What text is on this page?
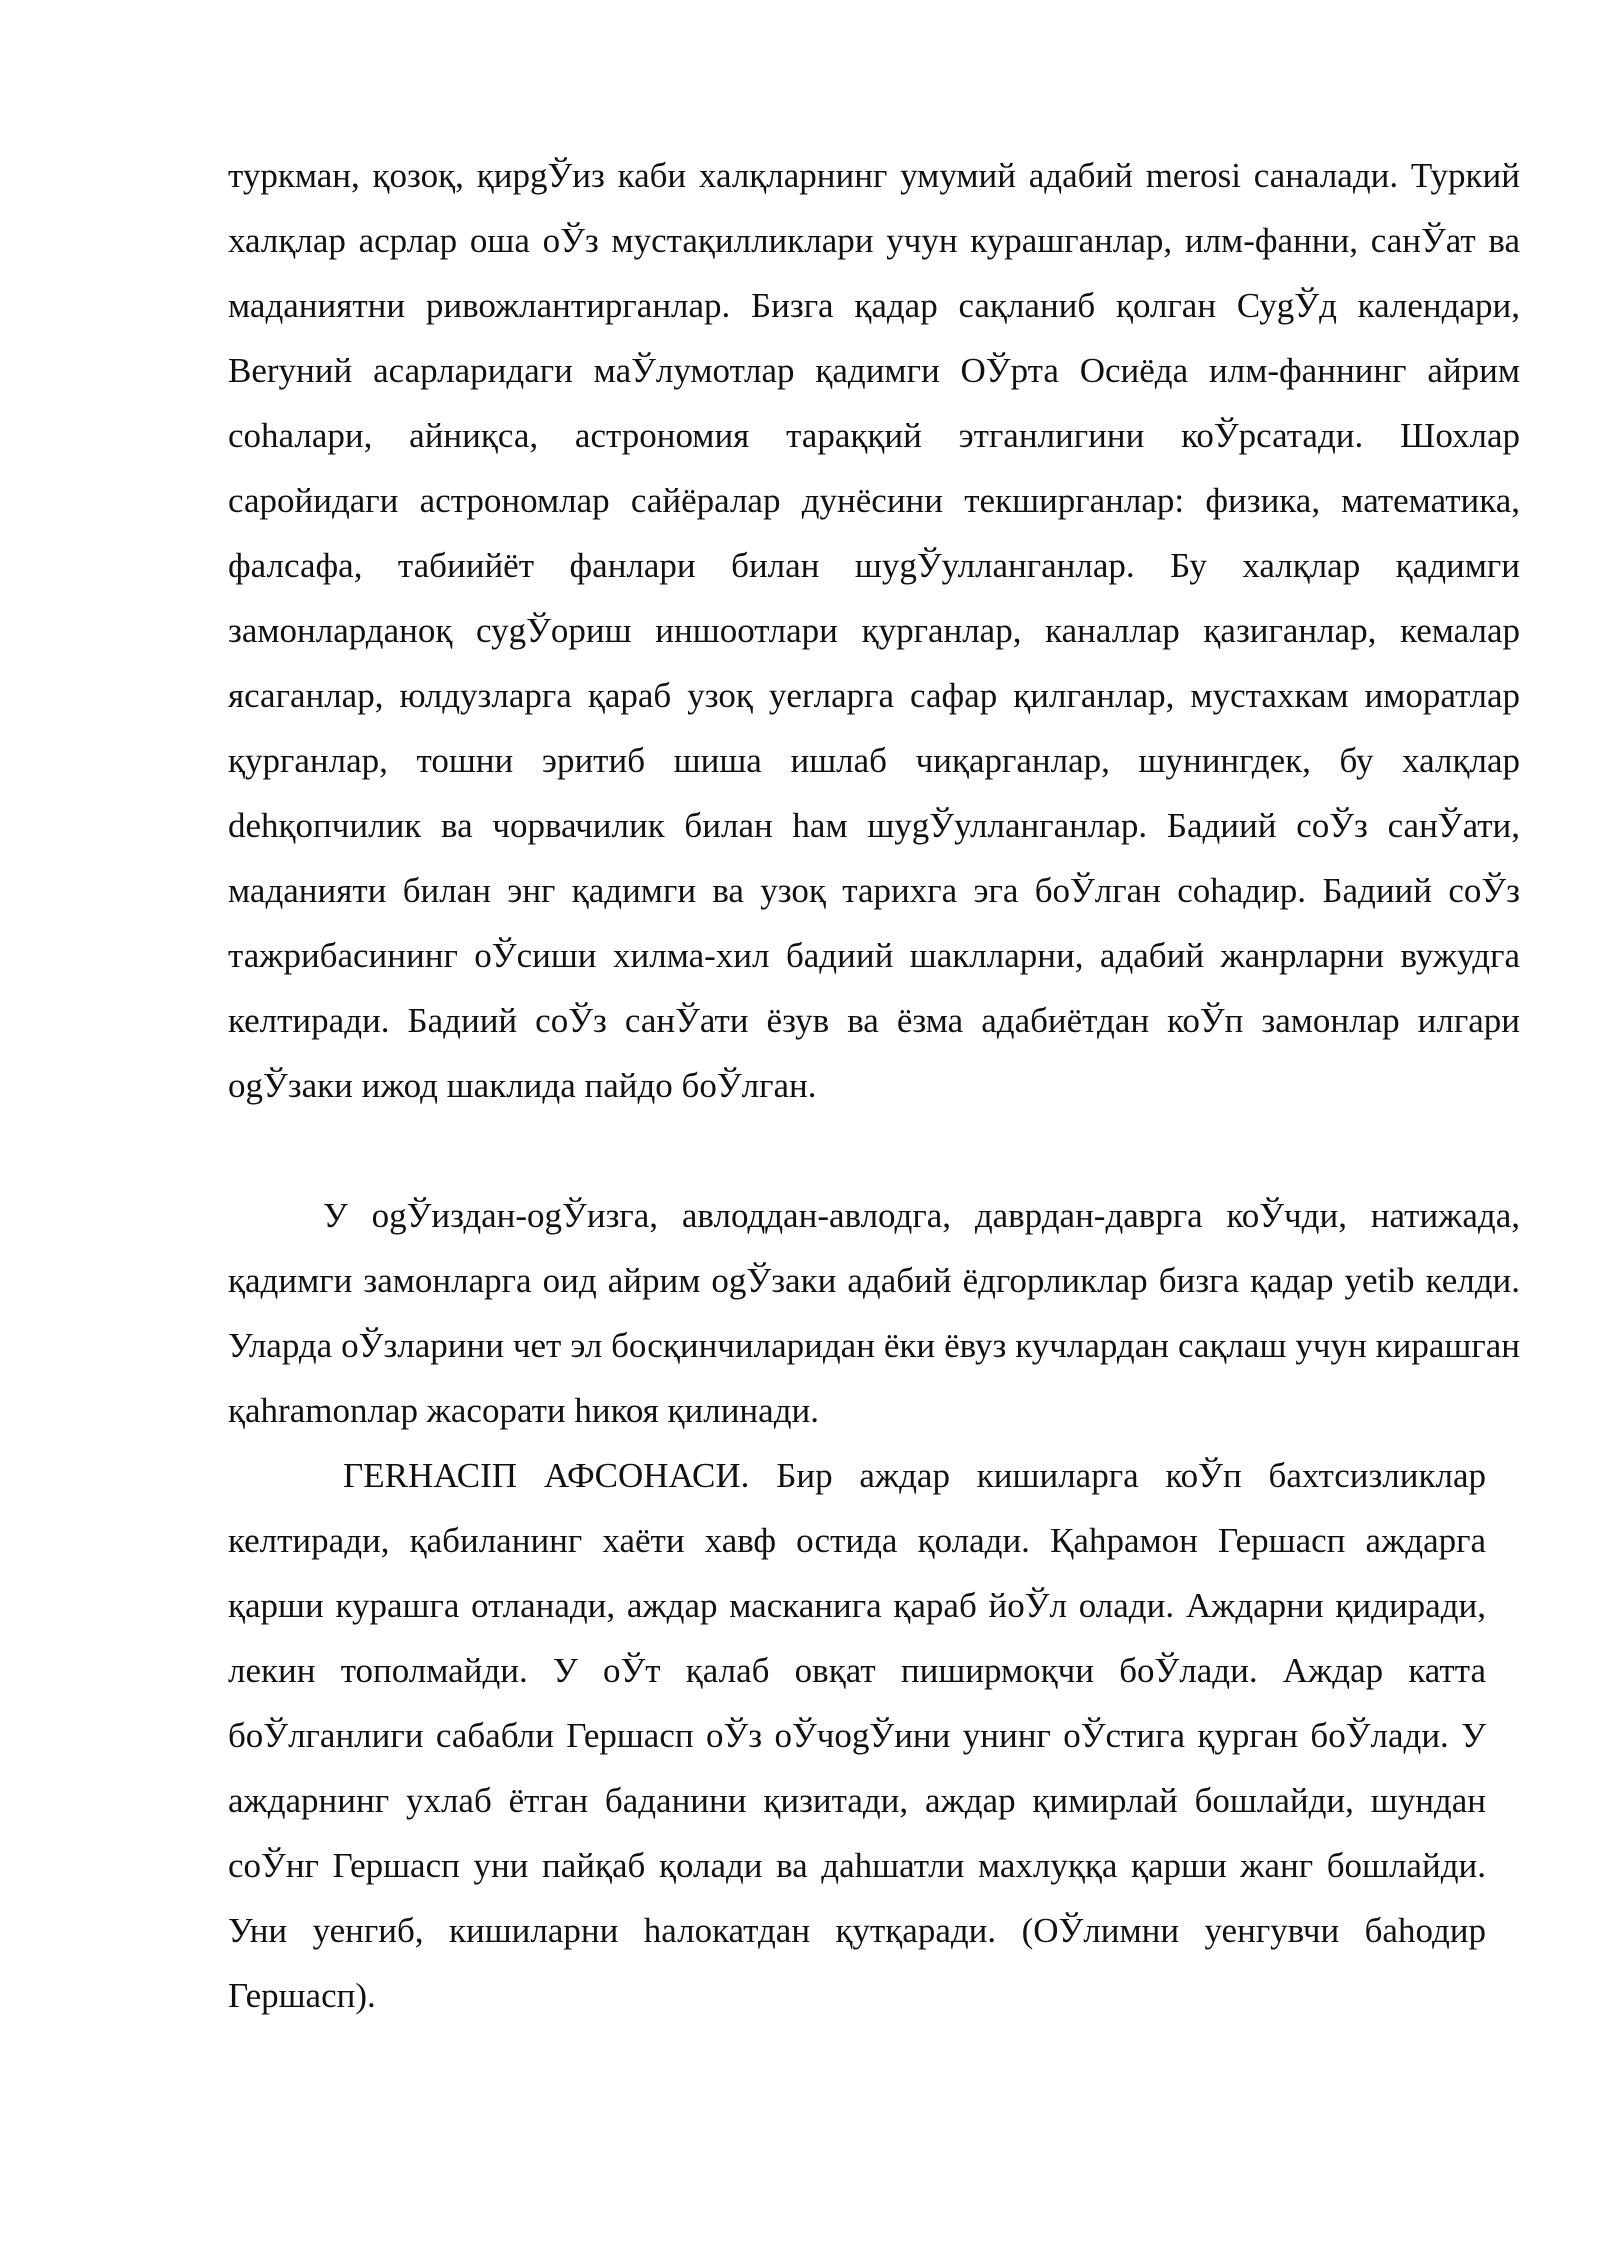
туркман, қозоқ, қирgЎиз каби халқларнинг умумий адабий merosi саналади. Туркий халқлар асрлар оша оЎз мустақилликлари учун курашганлар, илм-фанни, санЎат ва маданиятни ривожлантирганлар. Бизга қадар сақланиб қолган СуgЎд календари, Веrуний асарларидаги маЎлумотлар қадимги ОЎрта Осиёда илм-фаннинг айрим соhалари, айниқса, астрономия тараққий этганлигини коЎрсатади. Шохлар саройидаги астрономлар сайёралар дунёсини текширганлар: физика, математика, фалсафа, табиийёт фанлари билан шуgЎулланганлар. Бу халқлар қадимги замонларданоқ суgЎориш иншоотлари қурганлар, каналлар қазиганлар, кемалар ясаганлар, юлдузларга қараб узоқ yerларга сафар қилганлар, мустахкам иморатлар қурганлар, тошни эритиб шиша ишлаб чиқарганлар, шунингдек, бу халқлар dehқопчилик ва чорвачилик билан hам шуgЎулланганлар. Бадиий соЎз санЎати, маданияти билан энг қадимги ва узоқ тарихга эга боЎлган соhадир. Бадиий соЎз тажрибасининг оЎсиши хилма-хил бадиий шаклларни, адабий жанрларни вужудга келтиради. Бадиий соЎз санЎати ёзув ва ёзма адабиётдан коЎп замонлар илгари оgЎзаки ижод шаклида пайдо боЎлган.

У оgЎиздан-оgЎизга, авлоддан-авлодга, даврдан-даврга коЎчди, натижада, қадимги замонларга оид айрим оgЎзаки адабий ёдгорликлар бизга қадар yetib келди. Уларда оЎзларини чет эл босқинчиларидан ёки ёвуз кучлардан сақлаш учун кирашган қаhramonлар жасорати hикоя қилинади.

ГЕRНАСІП АФСОНАСИ. Бир аждар кишиларга коЎп бахтсизликлар келтиради, қабиланинг хаёти хавф остида қолади. Қаhрамон Гершасп аждарга қарши курашга отланади, аждар масканига қараб йоЎл олади. Аждарни қидиради, лекин тополмайди. У оЎт қалаб овқат пиширмоқчи боЎлади. Аждар катта боЎлганлиги сабабли Гершасп оЎз оЎчоgЎини унинг оЎстига қурган боЎлади. У аждарнинг ухлаб ётган баданини қизитади, аждар қимирлай бошлайди, шундан соЎнг Гершасп уни пайқаб қолади ва даhшатли махлуққа қарши жанг бошлайди. Уни уенгиб, кишиларни hалокатдан қутқаради. (ОЎлимни уенгувчи баhодир Гершасп).
